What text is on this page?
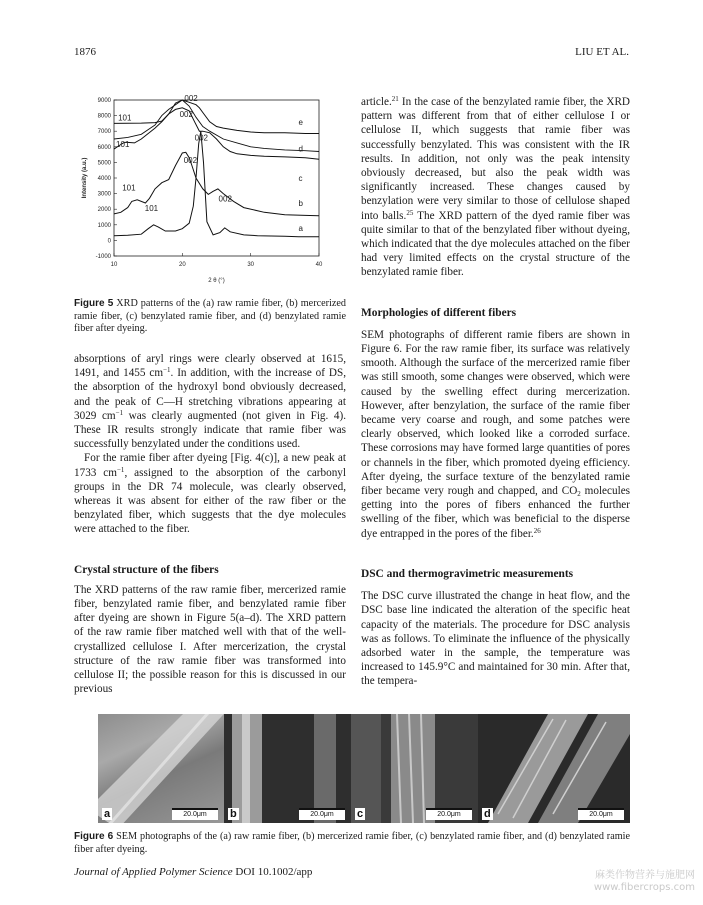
1876	LIU ET AL.
-1000
0
1000
2000
3000
4000
5000
6000
7000
8000
9000
10	20	30	40
2 θ (°)
Intensity (a.u.)
a
b
c
d
e
002
002
002
002
002
101
101
101
101
Figure 5 XRD patterns of the (a) raw ramie fiber, (b) mercerized ramie fiber, (c) benzylated ramie fiber, and (d) benzylated ramie fiber after dyeing.

absorptions of aryl rings were clearly observed at 1615, 1491, and 1455 $cm^{-1}$. In addition, with the increase of DS, the absorption of the hydroxyl bond obviously decreased, and the peak of C—H stretching vibrations appearing at 3029 $cm^{-1}$ was clearly augmented (not given in Fig. 4). These IR results strongly indicate that ramie fiber was successfully benzylated under the conditions used.

For the ramie fiber after dyeing [Fig. 4(c)], a new peak at 1733 $cm^{-1}$, assigned to the absorption of the carbonyl groups in the DR 74 molecule, was clearly observed, whereas it was absent for either of the raw fiber or the benzylated fiber, which suggests that the dye molecules were attached to the fiber.

Crystal structure of the fibers

The XRD patterns of the raw ramie fiber, mercerized ramie fiber, benzylated ramie fiber, and benzylated ramie fiber after dyeing are shown in Figure 5(a–d). The XRD pattern of the raw ramie fiber matched well with that of the well-crystallized cellulose I. After mercerization, the crystal structure of the raw ramie fiber was transformed into cellulose II; the possible reason for this is discussed in our previous

article.$^{21}$ In the case of the benzylated ramie fiber, the XRD pattern was different from that of either cellulose I or cellulose II, which suggests that ramie fiber was successfully benzylated. This was consistent with the IR results. In addition, not only was the peak intensity obviously decreased, but also the peak width was significantly increased. These changes caused by benzylation were very similar to those of cellulose shaped into balls.$^{25}$ The XRD pattern of the dyed ramie fiber was quite similar to that of the benzylated fiber without dyeing, which indicated that the dye molecules attached on the fiber had very limited effects on the crystal structure of the benzylated ramie fiber.

Morphologies of different fibers

SEM photographs of different ramie fibers are shown in Figure 6. For the raw ramie fiber, its surface was relatively smooth. Although the surface of the mercerized ramie fiber was still smooth, some changes were observed, which were caused by the swelling effect during mercerization. However, after benzylation, the surface of the ramie fiber became very coarse and rough, and some patches were clearly observed, which looked like a corroded surface. These corrosions may have formed large quantities of pores or channels in the fiber, which promoted dyeing efficiency. After dyeing, the surface texture of the benzylated ramie fiber became very rough and chapped, and $CO_2$ molecules getting into the pores of fibers enhanced the further swelling of the fiber, which was beneficial to the disperse dye entrapped in the pores of the fiber.$^{26}$

DSC and thermogravimetric measurements

The DSC curve illustrated the change in heat flow, and the DSC base line indicated the alteration of the specific heat capacity of the materials. The procedure for DSC analysis was as follows. To eliminate the influence of the physically adsorbed water in the sample, the temperature was increased to 145.9°C and maintained for 30 min. After that, the tempera-

a	20.0μm	b	20.0μm	c	20.0μm	d	20.0μm
Figure 6 SEM photographs of the (a) raw ramie fiber, (b) mercerized ramie fiber, (c) benzylated ramie fiber, and (d) benzylated ramie fiber after dyeing.
Journal of Applied Polymer Science DOI 10.1002/app	麻类作物营养与施肥网
www.fibercrops.com
